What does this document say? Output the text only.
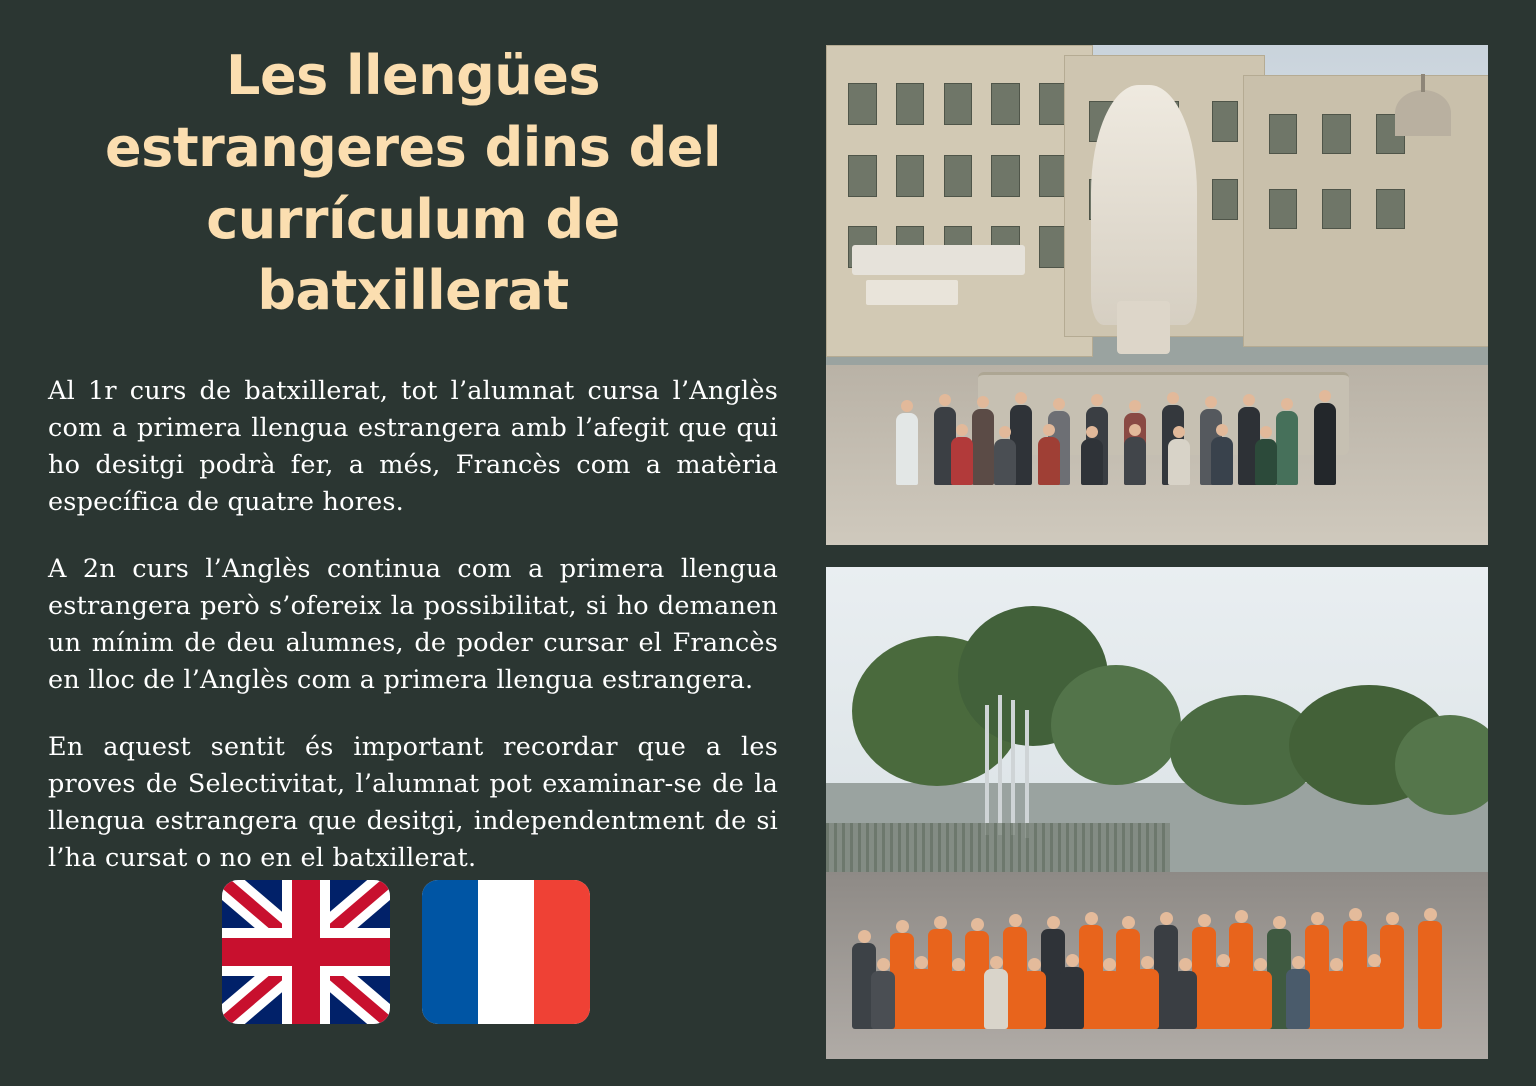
Les llengües estrangeres dins del currículum de batxillerat

Al 1r curs de batxillerat, tot l’alumnat cursa l’Anglès com a primera llengua estrangera amb l’afegit que qui ho desitgi podrà fer, a més, Francès com a matèria específica de quatre hores.

A 2n curs l’Anglès continua com a primera llengua estrangera però s’ofereix la possibilitat, si ho demanen un mínim de deu alumnes, de poder cursar el Francès en lloc de l’Anglès com a primera llengua estrangera.

En aquest sentit és important recordar que a les proves de Selectivitat, l’alumnat pot examinar-se de la llengua estrangera que desitgi, independentment de si l’ha cursat o no en el batxillerat.
